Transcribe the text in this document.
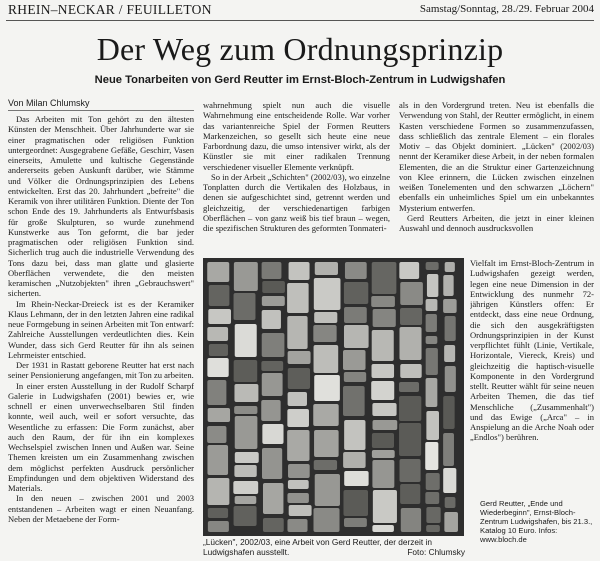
RHEIN–NECKAR / FEUILLETON	Samstag/Sonntag, 28./29. Februar 2004
Der Weg zum Ordnungsprinzip
Neue Tonarbeiten von Gerd Reutter im Ernst-Bloch-Zentrum in Ludwigshafen
Von Milan Chlumsky

Das Arbeiten mit Ton gehört zu den ältesten Künsten der Menschheit. Über Jahrhunderte war sie einer pragmatischen oder religiösen Funktion untergeordnet: Ausgegrabene Gefäße, Geschirr, Vasen einerseits, Amulette und kultische Gegenstände andererseits geben Auskunft darüber, wie Stämme und Völker die Ordnungsprinzipien des Lebens entwickelten. Erst das 20. Jahrhundert „befreite" die Keramik von ihrer utilitären Funktion. Diente der Ton schon Ende des 19. Jahrhunderts als Entwurfsbasis für große Skulpturen, so wurde zunehmend Kunstwerke aus Ton geformt, die bar jeder pragmatischen oder religiösen Funktion sind. Sicherlich trug auch die industrielle Verwendung des Tons dazu bei, dass man glatte und glasierte Oberflächen verwendete, die den meisten keramischen „Nutzobjekten" ihren „Gebrauchswert" sicherten.

Im Rhein-Neckar-Dreieck ist es der Keramiker Klaus Lehmann, der in den letzten Jahren eine radikal neue Formgebung in seinen Arbeiten mit Ton entwarf: Zahlreiche Ausstellungen verdeutlichten dies. Kein Wunder, dass sich Gerd Reutter für ihn als seinen Lehrmeister entschied.

Der 1931 in Rastatt geborene Reutter hat erst nach seiner Pensionierung angefangen, mit Ton zu arbeiten.

In einer ersten Ausstellung in der Rudolf Scharpf Galerie in Ludwigshafen (2001) bewies er, wie schnell er einen unverwechselbaren Stil finden konnte, weil auch, weil er sofort versuchte, das Wesentliche zu erfassen: Die Form zunächst, aber auch den Raum, der für ihn ein komplexes Wechselspiel zwischen Innen und Außen war. Seine Themen kreisten um ein Zusammenhang zwischen dem möglichst perfekten Ausdruck persönlicher Empfindungen und dem objektiven Widerstand des Materials.

In den neuen – zwischen 2001 und 2003 entstandenen – Arbeiten wagt er einen Neuanfang. Neben der Metaebene der Form-

wahrnehmung spielt nun auch die visuelle Wahrnehmung eine entscheidende Rolle. War vorher das variantenreiche Spiel der Formen Reutters Markenzeichen, so gesellt sich heute eine neue Farbordnung dazu, die umso intensiver wirkt, als der Künstler sie mit einer radikalen Trennung verschiedener visueller Elemente verknüpft.

So in der Arbeit „Schichten" (2002/03), wo einzelne Tonplatten durch die Vertikalen des Holzbaus, in denen sie aufgeschichtet sind, getrennt werden und gleichzeitig, der verschiedenartigen farbigen Oberflächen – von ganz weiß bis tief braun – wegen, die spezifischen Strukturen des geformten Tonmateri-

als in den Vordergrund treten. Neu ist ebenfalls die Verwendung von Stahl, der Reutter ermöglicht, in einem Kasten verschiedene Formen so zusammenzufassen, dass schließlich das zentrale Element – ein florales Motiv – das Objekt dominiert. „Lücken" (2002/03) nennt der Keramiker diese Arbeit, in der neben formalen Elementen, die an die Struktur einer Gartenzeichnung von Klee erinnern, die Lücken zwischen einzelnen weißen Tonelementen und den schwarzen „Löchern" ebenfalls ein unheimliches Spiel um ein unbekanntes Mysterium entwerfen.

Gerd Reutters Arbeiten, die jetzt in einer kleinen Auswahl und dennoch ausdrucksvollen

Vielfalt im Ernst-Bloch-Zentrum in Ludwigshafen gezeigt werden, legen eine neue Dimension in der Entwicklung des nunmehr 72-jährigen Künstlers offen: Er entdeckt, dass eine neue Ordnung, die sich den ausgekräftigsten Ordnungsprinzipien in der Kunst verpflichtet fühlt (Linie, Vertikale, Horizontale, Viereck, Kreis) und gleichzeitig die haptisch-visuelle Komponente in den Vordergrund stellt. Reutter wählt für seine neuen Arbeiten Themen, die das tief Menschliche („Zusammenhalt") und das Ewige („Arca" – in Anspielung an die Arche Noah oder „Endlos") berühren.

„Lücken", 2002/03, eine Arbeit von Gerd Reutter, der derzeit in Ludwigshafen ausstellt.	Foto: Chlumsky
Gerd Reutter, „Ende und Wiederbeginn", Ernst-Bloch-Zentrum Ludwigshafen, bis 21.3., Katalog 10 Euro. Infos: www.bloch.de
